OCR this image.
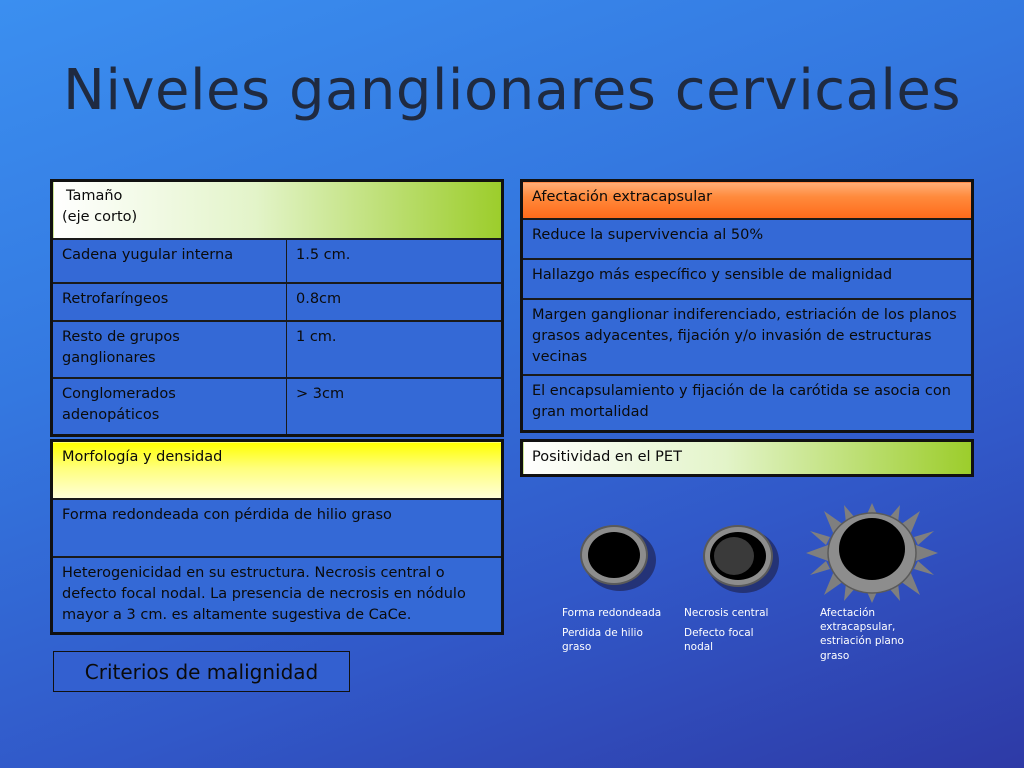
Niveles ganglionares cervicales
Tamaño
(eje corto)	

Cadena yugular interna	1.5 cm.
Retrofaríngeos	0.8cm
Resto de grupos ganglionares	1 cm.
Conglomerados adenopáticos	> 3cm
Afectación extracapsular
Reduce la supervivencia al 50%
Hallazgo más específico y sensible de malignidad
Margen ganglionar indiferenciado, estriación de los planos grasos adyacentes, fijación y/o invasión de estructuras vecinas
El encapsulamiento y fijación de la carótida se asocia con gran mortalidad
Morfología y densidad
Forma redondeada con pérdida de hilio graso
Heterogenicidad en su estructura. Necrosis central o defecto focal nodal. La presencia de necrosis en nódulo mayor a 3 cm. es altamente sugestiva de CaCe.
Positividad en el PET
Criterios de malignidad

Forma redondeada

Perdida de hilio graso

Necrosis central

Defecto focal nodal

Afectación extracapsular, estriación plano graso
